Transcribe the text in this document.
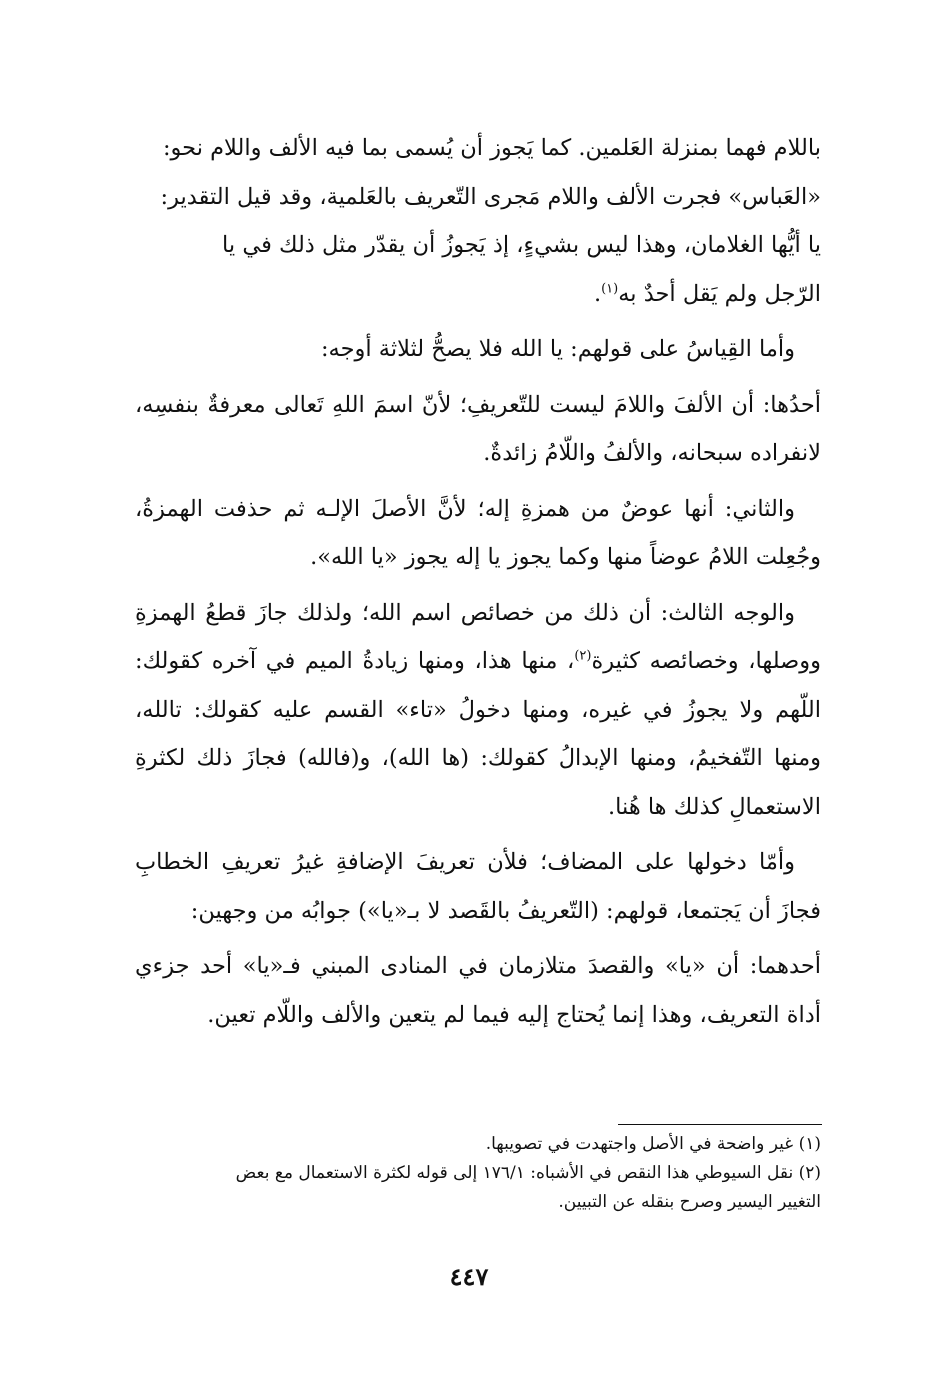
باللام فهما بمنزلة العَلمين. كما يَجوز أن يُسمى بما فيه الألف واللام نحو:
«العَباس» فجرت الألف واللام مَجرى التّعريف بالعَلمية، وقد قيل التقدير:
يا أيُّها الغلامان، وهذا ليس بشيءٍ، إذ يَجوزُ أن يقدّر مثل ذلك في يا
الرّجل ولم يَقل أحدٌ به$^{(١)}$.

وأما القِياسُ على قولهم: يا الله فلا يصحُّ لثلاثة أوجه:

أحدُها: أن الألفَ واللامَ ليست للتّعريفِ؛ لأنّ اسمَ اللهِ تَعالى معرفةٌ بنفسِه، لانفراده سبحانه، والألفُ واللّامُ زائدةٌ.

والثاني: أنها عوضٌ من همزةِ إله؛ لأنَّ الأصلَ الإلـه ثم حذفت الهمزةُ، وجُعِلت اللامُ عوضاً منها وكما يجوز يا إله يجوز «يا الله».

والوجه الثالث: أن ذلك من خصائص اسم الله؛ ولذلك جازَ قطعُ الهمزةِ ووصلها، وخصائصه كثيرة$^{(٢)}$، منها هذا، ومنها زيادةُ الميم في آخره كقولك: اللّهم ولا يجوزُ في غيره، ومنها دخولُ «تاء» القسم عليه كقولك: تالله، ومنها التّفخيمُ، ومنها الإبدالُ كقولك: (ها الله)، و(فالله) فجازَ ذلك لكثرةِ الاستعمالِ كذلك ها هُنا.

وأمّا دخولها على المضاف؛ فلأن تعريفَ الإضافةِ غيرُ تعريفِ الخطابِ فجازَ أن يَجتمعا، قولهم: (التّعريفُ بالقَصد لا بـ«يا») جوابُه من وجهين:

أحدهما: أن «يا» والقصدَ متلازمان في المنادى المبني فـ«يا» أحد جزءي أداة التعريف، وهذا إنما يُحتاج إليه فيما لم يتعين والألف واللّام تعين.

(١) غير واضحة في الأصل واجتهدت في تصويبها.

(٢) نقل السيوطي هذا النقص في الأشباه: ١٧٦/١ إلى قوله لكثرة الاستعمال مع بعض
التغيير اليسير وصرح بنقله عن التبيين.

٤٤٧
